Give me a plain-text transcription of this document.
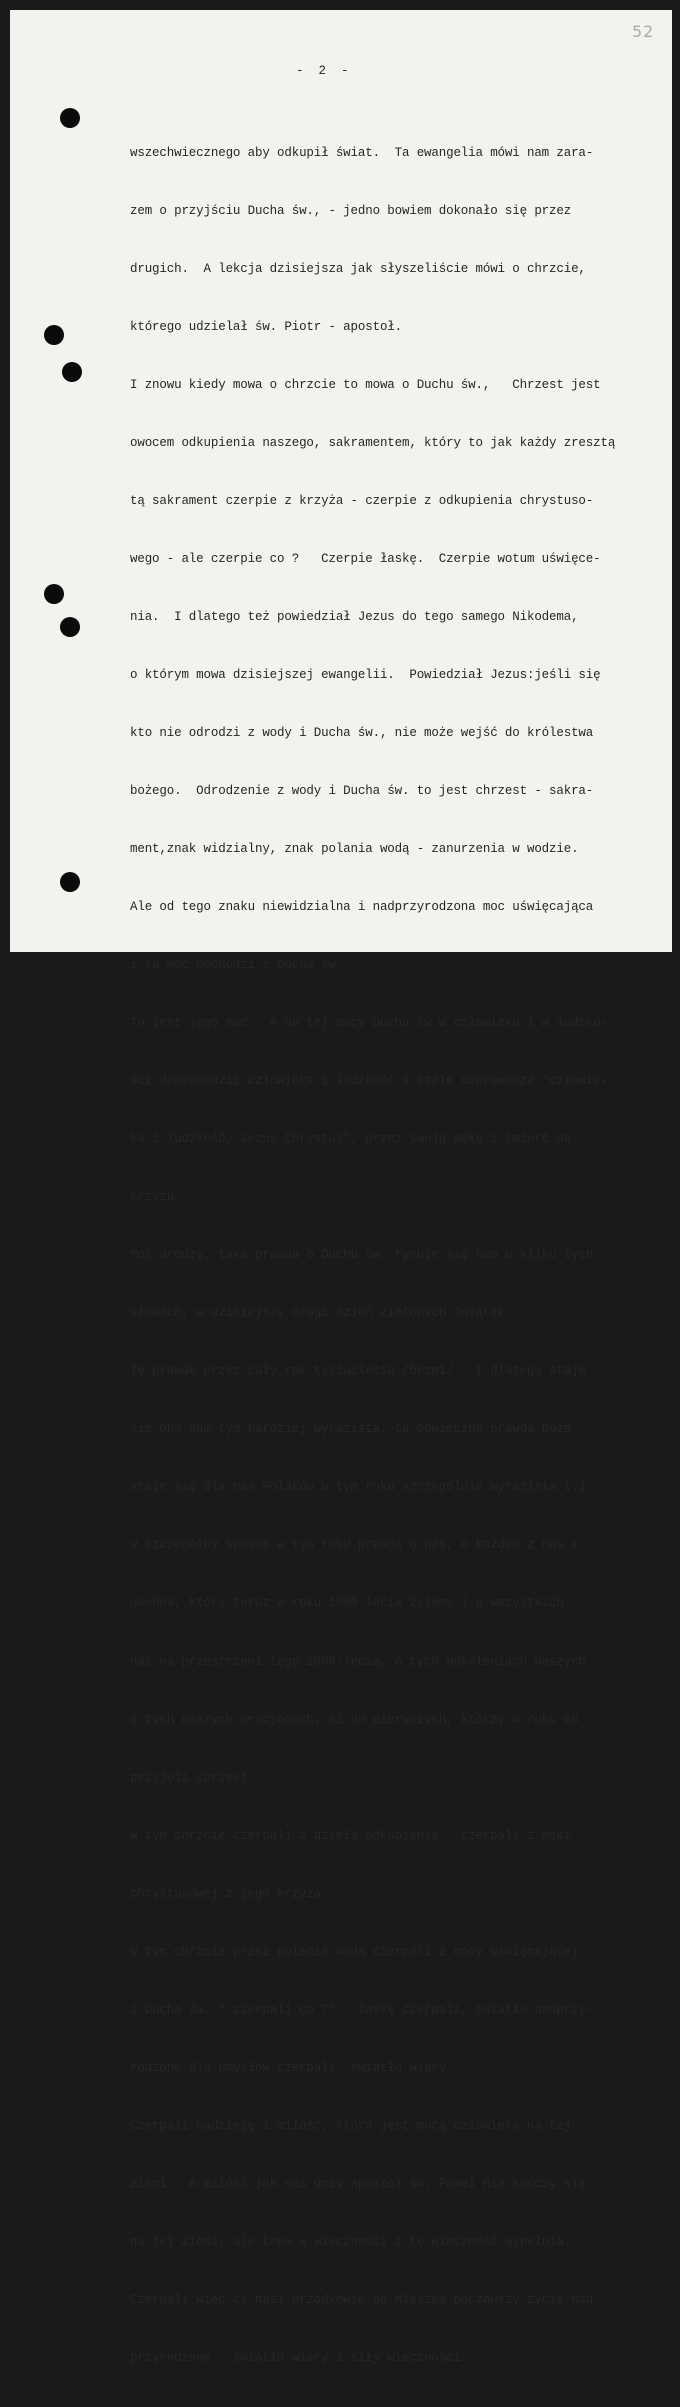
52
-  2  -

wszechwiecznego aby odkupił świat.  Ta ewangelia mówi nam zara-

zem o przyjściu Ducha św., - jedno bowiem dokonało się przez

drugich.  A lekcja dzisiejsza jak słyszeliście mówi o chrzcie,

którego udzielał św. Piotr - apostoł.

I znowu kiedy mowa o chrzcie to mowa o Duchu św.,   Chrzest jest

owocem odkupienia naszego, sakramentem, który to jak każdy zresztą

tą sakrament czerpie z krzyża - czerpie z odkupienia chrystuso-

wego - ale czerpie co ?   Czerpie łaskę.  Czerpie wotum uświęce-

nia.  I dlatego też powiedział Jezus do tego samego Nikodema,

o którym mowa dzisiejszej ewangelii.  Powiedział Jezus:jeśli się

kto nie odrodzi z wody i Ducha św., nie może wejść do królestwa

bożego.  Odrodzenie z wody i Ducha św. to jest chrzest - sakra-

ment,znak widzialny, znak polania wodą - zanurzenia w wodzie.

Ale od tego znaku niewidzialna i nadprzyrodzona moc uświęcająca

i ta moc pochodzi z Ducha św.,

To jest jego moc.  A do tej mocy Ducha św.w człowieku i w ludzko-

ści doprowadził człowieka i ludzkość i stale doprowadza "człowie-

ka i ludzkość, Jezus Chrystus", przez swoją mękę i śmierć na

krzyżu.

Moi drodzy, taka prawda o Duchu św. rysuje się nam w kilku tych

słowach, w dzisiejszy drugi dzień zielonych świątek.

Tę prawdę przez cały rok tysiąclecia /brzmi/.  I dlatego staje

się ona nam tym bardziej wyrazista, ta odwieczna prawda boża

staje się dla nas Polaków w tym roku szczególnie wyrazista t.j.

w szczególny sposób w tym roku prawda o nas, o każdym z nas z

osobna, który teraz w roku 1000-lecia żyjemy i o wszystkich

nas na przestrzeni tego 1000-lecia, o tych pokoleniach naszych

o tych naszych pracjocach, aż do pierwszych, którzy w roku 66

przyjęli chrzest.

W tym chrzcie czerpali z dzieła odkupienia - czerpali z męki

chrystusowej z jego krzyża.

W tym chrzcie przez polanie wodą czerpali z mocy uświęcającej

i Ducha św. " czerpali co ?" - łaskę czerpali, światło nadprzy-

rodzone dla umysłów czerpali, światło wiary.

Czerpali nadzieję i miłość, która jest mocą człowieka na tej

ziemi.  A miłość jak nas uczy apostoł św. Paweł nie kończy się

na tej ziemi, ale trwa w wieczności i tę wieczność wypełnia.

Czerpali więc ci nasi przodkowie od Mieszka począwszy życie nad-

przyrodzone - światło wiary i siły wieczności.
